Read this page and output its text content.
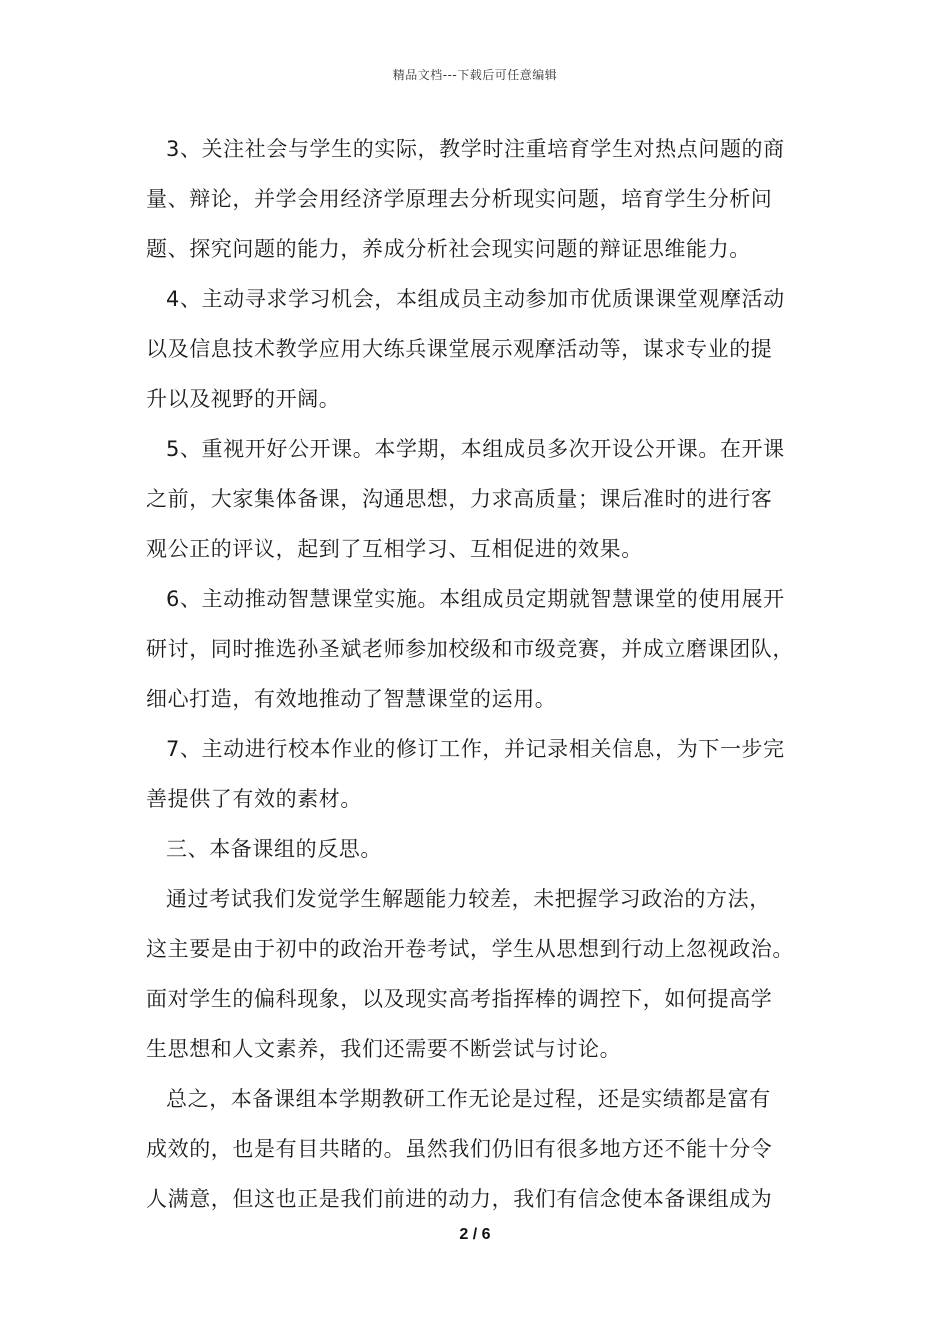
精品文档---下载后可任意编辑
3、关注社会与学生的实际，教学时注重培育学生对热点问题的商
量、辩论，并学会用经济学原理去分析现实问题，培育学生分析问
题、探究问题的能力，养成分析社会现实问题的辩证思维能力。
4、主动寻求学习机会，本组成员主动参加市优质课课堂观摩活动
以及信息技术教学应用大练兵课堂展示观摩活动等，谋求专业的提
升以及视野的开阔。
5、重视开好公开课。本学期，本组成员多次开设公开课。在开课
之前，大家集体备课，沟通思想，力求高质量；课后准时的进行客
观公正的评议，起到了互相学习、互相促进的效果。
6、主动推动智慧课堂实施。本组成员定期就智慧课堂的使用展开
研讨，同时推选孙圣斌老师参加校级和市级竞赛，并成立磨课团队，
细心打造，有效地推动了智慧课堂的运用。
7、主动进行校本作业的修订工作，并记录相关信息，为下一步完
善提供了有效的素材。
三、本备课组的反思。
通过考试我们发觉学生解题能力较差，未把握学习政治的方法，
这主要是由于初中的政治开卷考试，学生从思想到行动上忽视政治。
面对学生的偏科现象，以及现实高考指挥棒的调控下，如何提高学
生思想和人文素养，我们还需要不断尝试与讨论。
总之，本备课组本学期教研工作无论是过程，还是实绩都是富有
成效的，也是有目共睹的。虽然我们仍旧有很多地方还不能十分令
人满意，但这也正是我们前进的动力，我们有信念使本备课组成为
2 / 6
